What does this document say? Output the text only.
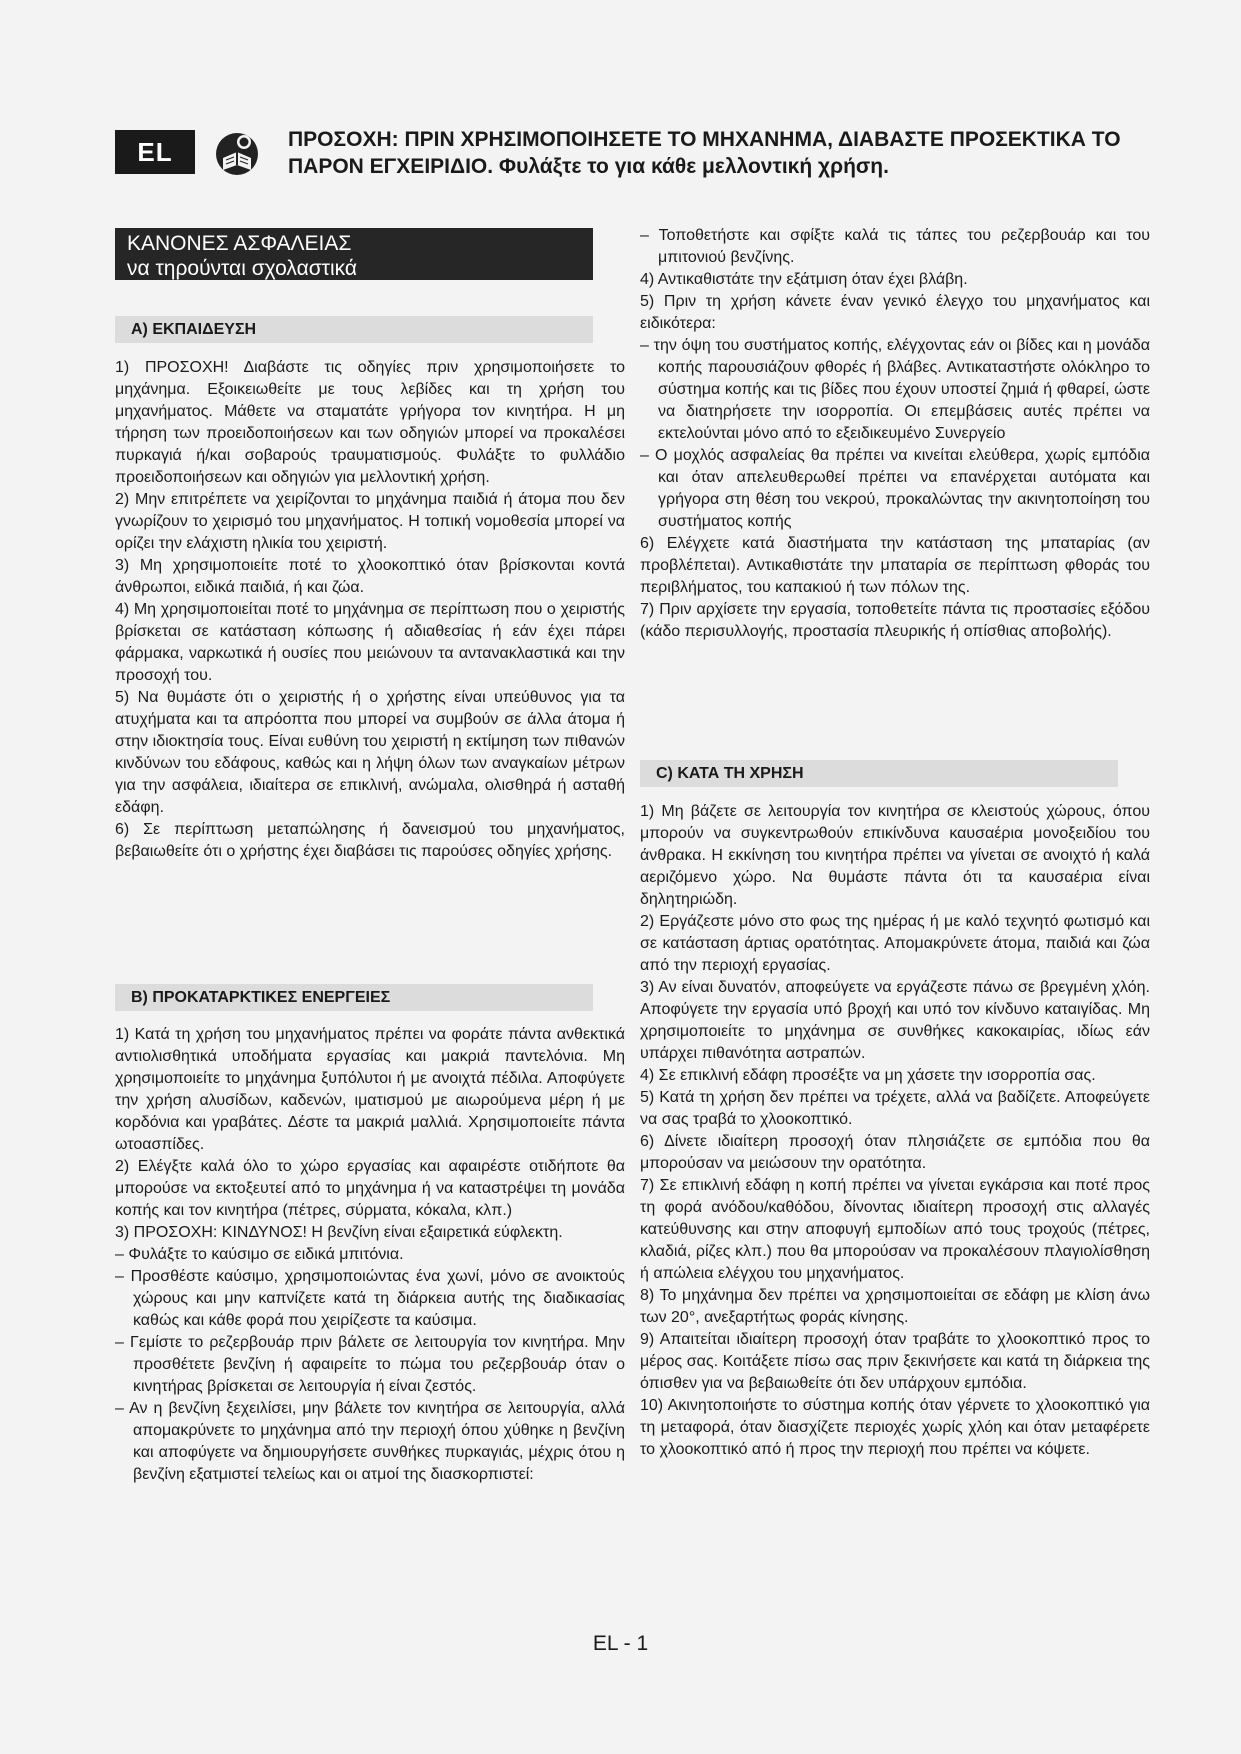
EL	ΠΡΟΣΟΧΗ: ΠΡΙΝ ΧΡΗΣΙΜΟΠΟΙΗΣΕΤΕ ΤΟ ΜΗΧΑΝΗΜΑ, ΔΙΑΒΑΣΤΕ ΠΡΟΣΕΚΤΙΚΑ ΤΟ ΠΑΡΟΝ ΕΓΧΕΙΡΙΔΙΟ. Φυλάξτε το για κάθε μελλοντική χρήση.
ΚΑΝΟΝΕΣ ΑΣΦΑΛΕΙΑΣ
να τηρούνται σχολαστικά
A) ΕΚΠΑΙΔΕΥΣΗ

1) ΠΡΟΣΟΧΗ! Διαβάστε τις οδηγίες πριν χρησιμοποιήσετε το μηχάνημα. Εξοικειωθείτε με τους λεβίδες και τη χρήση του μηχανήματος. Μάθετε να σταματάτε γρήγορα τον κινητήρα. Η μη τήρηση των προειδοποιήσεων και των οδηγιών μπορεί να προκαλέσει πυρκαγιά ή/και σοβαρούς τραυματισμούς. Φυλάξτε το φυλλάδιο προειδοποιήσεων και οδηγιών για μελλοντική χρήση.

2) Μην επιτρέπετε να χειρίζονται το μηχάνημα παιδιά ή άτομα που δεν γνωρίζουν το χειρισμό του μηχανήματος. Η τοπική νομοθεσία μπορεί να ορίζει την ελάχιστη ηλικία του χειριστή.

3) Μη χρησιμοποιείτε ποτέ το χλοοκοπτικό όταν βρίσκονται κοντά άνθρωποι, ειδικά παιδιά, ή και ζώα.

4) Μη χρησιμοποιείται ποτέ το μηχάνημα σε περίπτωση που ο χειριστής βρίσκεται σε κατάσταση κόπωσης ή αδιαθεσίας ή εάν έχει πάρει φάρμακα, ναρκωτικά ή ουσίες που μειώνουν τα αντανακλαστικά και την προσοχή του.

5) Να θυμάστε ότι ο χειριστής ή ο χρήστης είναι υπεύθυνος για τα ατυχήματα και τα απρόοπτα που μπορεί να συμβούν σε άλλα άτομα ή στην ιδιοκτησία τους. Είναι ευθύνη του χειριστή η εκτίμηση των πιθανών κινδύνων του εδάφους, καθώς και η λήψη όλων των αναγκαίων μέτρων για την ασφάλεια, ιδιαίτερα σε επικλινή, ανώμαλα, ολισθηρά ή ασταθή εδάφη.

6) Σε περίπτωση μεταπώλησης ή δανεισμού του μηχανήματος, βεβαιωθείτε ότι ο χρήστης έχει διαβάσει τις παρούσες οδηγίες χρήσης.

B) ΠΡΟΚΑΤΑΡΚΤΙΚΕΣ ΕΝΕΡΓΕΙΕΣ

1) Κατά τη χρήση του μηχανήματος πρέπει να φοράτε πάντα ανθεκτικά αντιολισθητικά υποδήματα εργασίας και μακριά παντελόνια. Μη χρησιμοποιείτε το μηχάνημα ξυπόλυτοι ή με ανοιχτά πέδιλα. Αποφύγετε την χρήση αλυσίδων, καδενών, ιματισμού με αιωρούμενα μέρη ή με κορδόνια και γραβάτες. Δέστε τα μακριά μαλλιά. Χρησιμοποιείτε πάντα ωτοασπίδες.

2) Ελέγξτε καλά όλο το χώρο εργασίας και αφαιρέστε οτιδήποτε θα μπορούσε να εκτοξευτεί από το μηχάνημα ή να καταστρέψει τη μονάδα κοπής και τον κινητήρα (πέτρες, σύρματα, κόκαλα, κλπ.)

3) ΠΡΟΣΟΧΗ: ΚΙΝΔΥΝΟΣ! Η βενζίνη είναι εξαιρετικά εύφλεκτη.

– Φυλάξτε το καύσιμο σε ειδικά μπιτόνια.

– Προσθέστε καύσιμο, χρησιμοποιώντας ένα χωνί, μόνο σε ανοικτούς χώρους και μην καπνίζετε κατά τη διάρκεια αυτής της διαδικασίας καθώς και κάθε φορά που χειρίζεστε τα καύσιμα.

– Γεμίστε το ρεζερβουάρ πριν βάλετε σε λειτουργία τον κινητήρα. Μην προσθέτετε βενζίνη ή αφαιρείτε το πώμα του ρεζερβουάρ όταν ο κινητήρας βρίσκεται σε λειτουργία ή είναι ζεστός.

– Αν η βενζίνη ξεχειλίσει, μην βάλετε τον κινητήρα σε λειτουργία, αλλά απομακρύνετε το μηχάνημα από την περιοχή όπου χύθηκε η βενζίνη και αποφύγετε να δημιουργήσετε συνθήκες πυρκαγιάς, μέχρις ότου η βενζίνη εξατμιστεί τελείως και οι ατμοί της διασκορπιστεί:

– Τοποθετήστε και σφίξτε καλά τις τάπες του ρεζερβουάρ και του μπιτονιού βενζίνης.

4) Αντικαθιστάτε την εξάτμιση όταν έχει βλάβη.

5) Πριν τη χρήση κάνετε έναν γενικό έλεγχο του μηχανήματος και ειδικότερα:

– την όψη του συστήματος κοπής, ελέγχοντας εάν οι βίδες και η μονάδα κοπής παρουσιάζουν φθορές ή βλάβες. Αντικαταστήστε ολόκληρο το σύστημα κοπής και τις βίδες που έχουν υποστεί ζημιά ή φθαρεί, ώστε να διατηρήσετε την ισορροπία. Οι επεμβάσεις αυτές πρέπει να εκτελούνται μόνο από το εξειδικευμένο Συνεργείο

– Ο μοχλός ασφαλείας θα πρέπει να κινείται ελεύθερα, χωρίς εμπόδια και όταν απελευθερωθεί πρέπει να επανέρχεται αυτόματα και γρήγορα στη θέση του νεκρού, προκαλώντας την ακινητοποίηση του συστήματος κοπής

6) Ελέγχετε κατά διαστήματα την κατάσταση της μπαταρίας (αν προβλέπεται). Αντικαθιστάτε την μπαταρία σε περίπτωση φθοράς του περιβλήματος, του καπακιού ή των πόλων της.

7) Πριν αρχίσετε την εργασία, τοποθετείτε πάντα τις προστασίες εξόδου (κάδο περισυλλογής, προστασία πλευρικής ή οπίσθιας αποβολής).

C) ΚΑΤΑ ΤΗ ΧΡΗΣΗ

1) Μη βάζετε σε λειτουργία τον κινητήρα σε κλειστούς χώρους, όπου μπορούν να συγκεντρωθούν επικίνδυνα καυσαέρια μονοξειδίου του άνθρακα. Η εκκίνηση του κινητήρα πρέπει να γίνεται σε ανοιχτό ή καλά αεριζόμενο χώρο. Να θυμάστε πάντα ότι τα καυσαέρια είναι δηλητηριώδη.

2) Εργάζεστε μόνο στο φως της ημέρας ή με καλό τεχνητό φωτισμό και σε κατάσταση άρτιας ορατότητας. Απομακρύνετε άτομα, παιδιά και ζώα από την περιοχή εργασίας.

3) Αν είναι δυνατόν, αποφεύγετε να εργάζεστε πάνω σε βρεγμένη χλόη. Αποφύγετε την εργασία υπό βροχή και υπό τον κίνδυνο καταιγίδας. Μη χρησιμοποιείτε το μηχάνημα σε συνθήκες κακοκαιρίας, ιδίως εάν υπάρχει πιθανότητα αστραπών.

4) Σε επικλινή εδάφη προσέξτε να μη χάσετε την ισορροπία σας.

5) Κατά τη χρήση δεν πρέπει να τρέχετε, αλλά να βαδίζετε. Αποφεύγετε να σας τραβά το χλοοκοπτικό.

6) Δίνετε ιδιαίτερη προσοχή όταν πλησιάζετε σε εμπόδια που θα μπορούσαν να μειώσουν την ορατότητα.

7) Σε επικλινή εδάφη η κοπή πρέπει να γίνεται εγκάρσια και ποτέ προς τη φορά ανόδου/καθόδου, δίνοντας ιδιαίτερη προσοχή στις αλλαγές κατεύθυνσης και στην αποφυγή εμποδίων από τους τροχούς (πέτρες, κλαδιά, ρίζες κλπ.) που θα μπορούσαν να προκαλέσουν πλαγιολίσθηση ή απώλεια ελέγχου του μηχανήματος.

8) Το μηχάνημα δεν πρέπει να χρησιμοποιείται σε εδάφη με κλίση άνω των 20°, ανεξαρτήτως φοράς κίνησης.

9) Απαιτείται ιδιαίτερη προσοχή όταν τραβάτε το χλοοκοπτικό προς το μέρος σας. Κοιτάξετε πίσω σας πριν ξεκινήσετε και κατά τη διάρκεια της όπισθεν για να βεβαιωθείτε ότι δεν υπάρχουν εμπόδια.

10) Ακινητοποιήστε το σύστημα κοπής όταν γέρνετε το χλοοκοπτικό για τη μεταφορά, όταν διασχίζετε περιοχές χωρίς χλόη και όταν μεταφέρετε το χλοοκοπτικό από ή προς την περιοχή που πρέπει να κόψετε.

EL - 1
